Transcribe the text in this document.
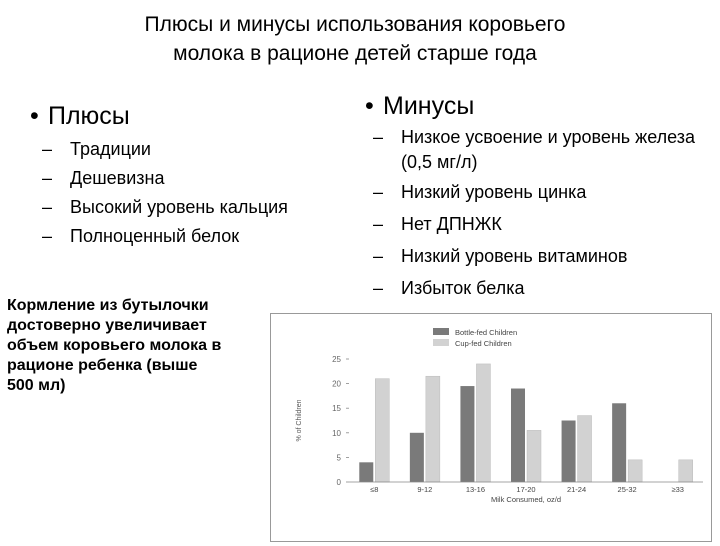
Плюсы и минусы использования коровьего
молока в рационе детей старше года
• Плюсы
– Традиции
– Дешевизна
– Высокий уровень кальция
– Полноценный белок
• Минусы
– Низкое усвоение и уровень железа (0,5 мг/л)
– Низкий уровень цинка
– Нет ДПНЖК
– Низкий уровень витаминов
– Избыток белка
Кормление из бутылочки достоверно увеличивает объем коровьего молока в рационе ребенка (выше 500 мл)
Bottle-fed Children
Cup-fed Children
0
5
10
15
20
25
% of Children
≤8	9-12	13-16	17-20	21-24	25-32	≥33
Milk Consumed, oz/d
